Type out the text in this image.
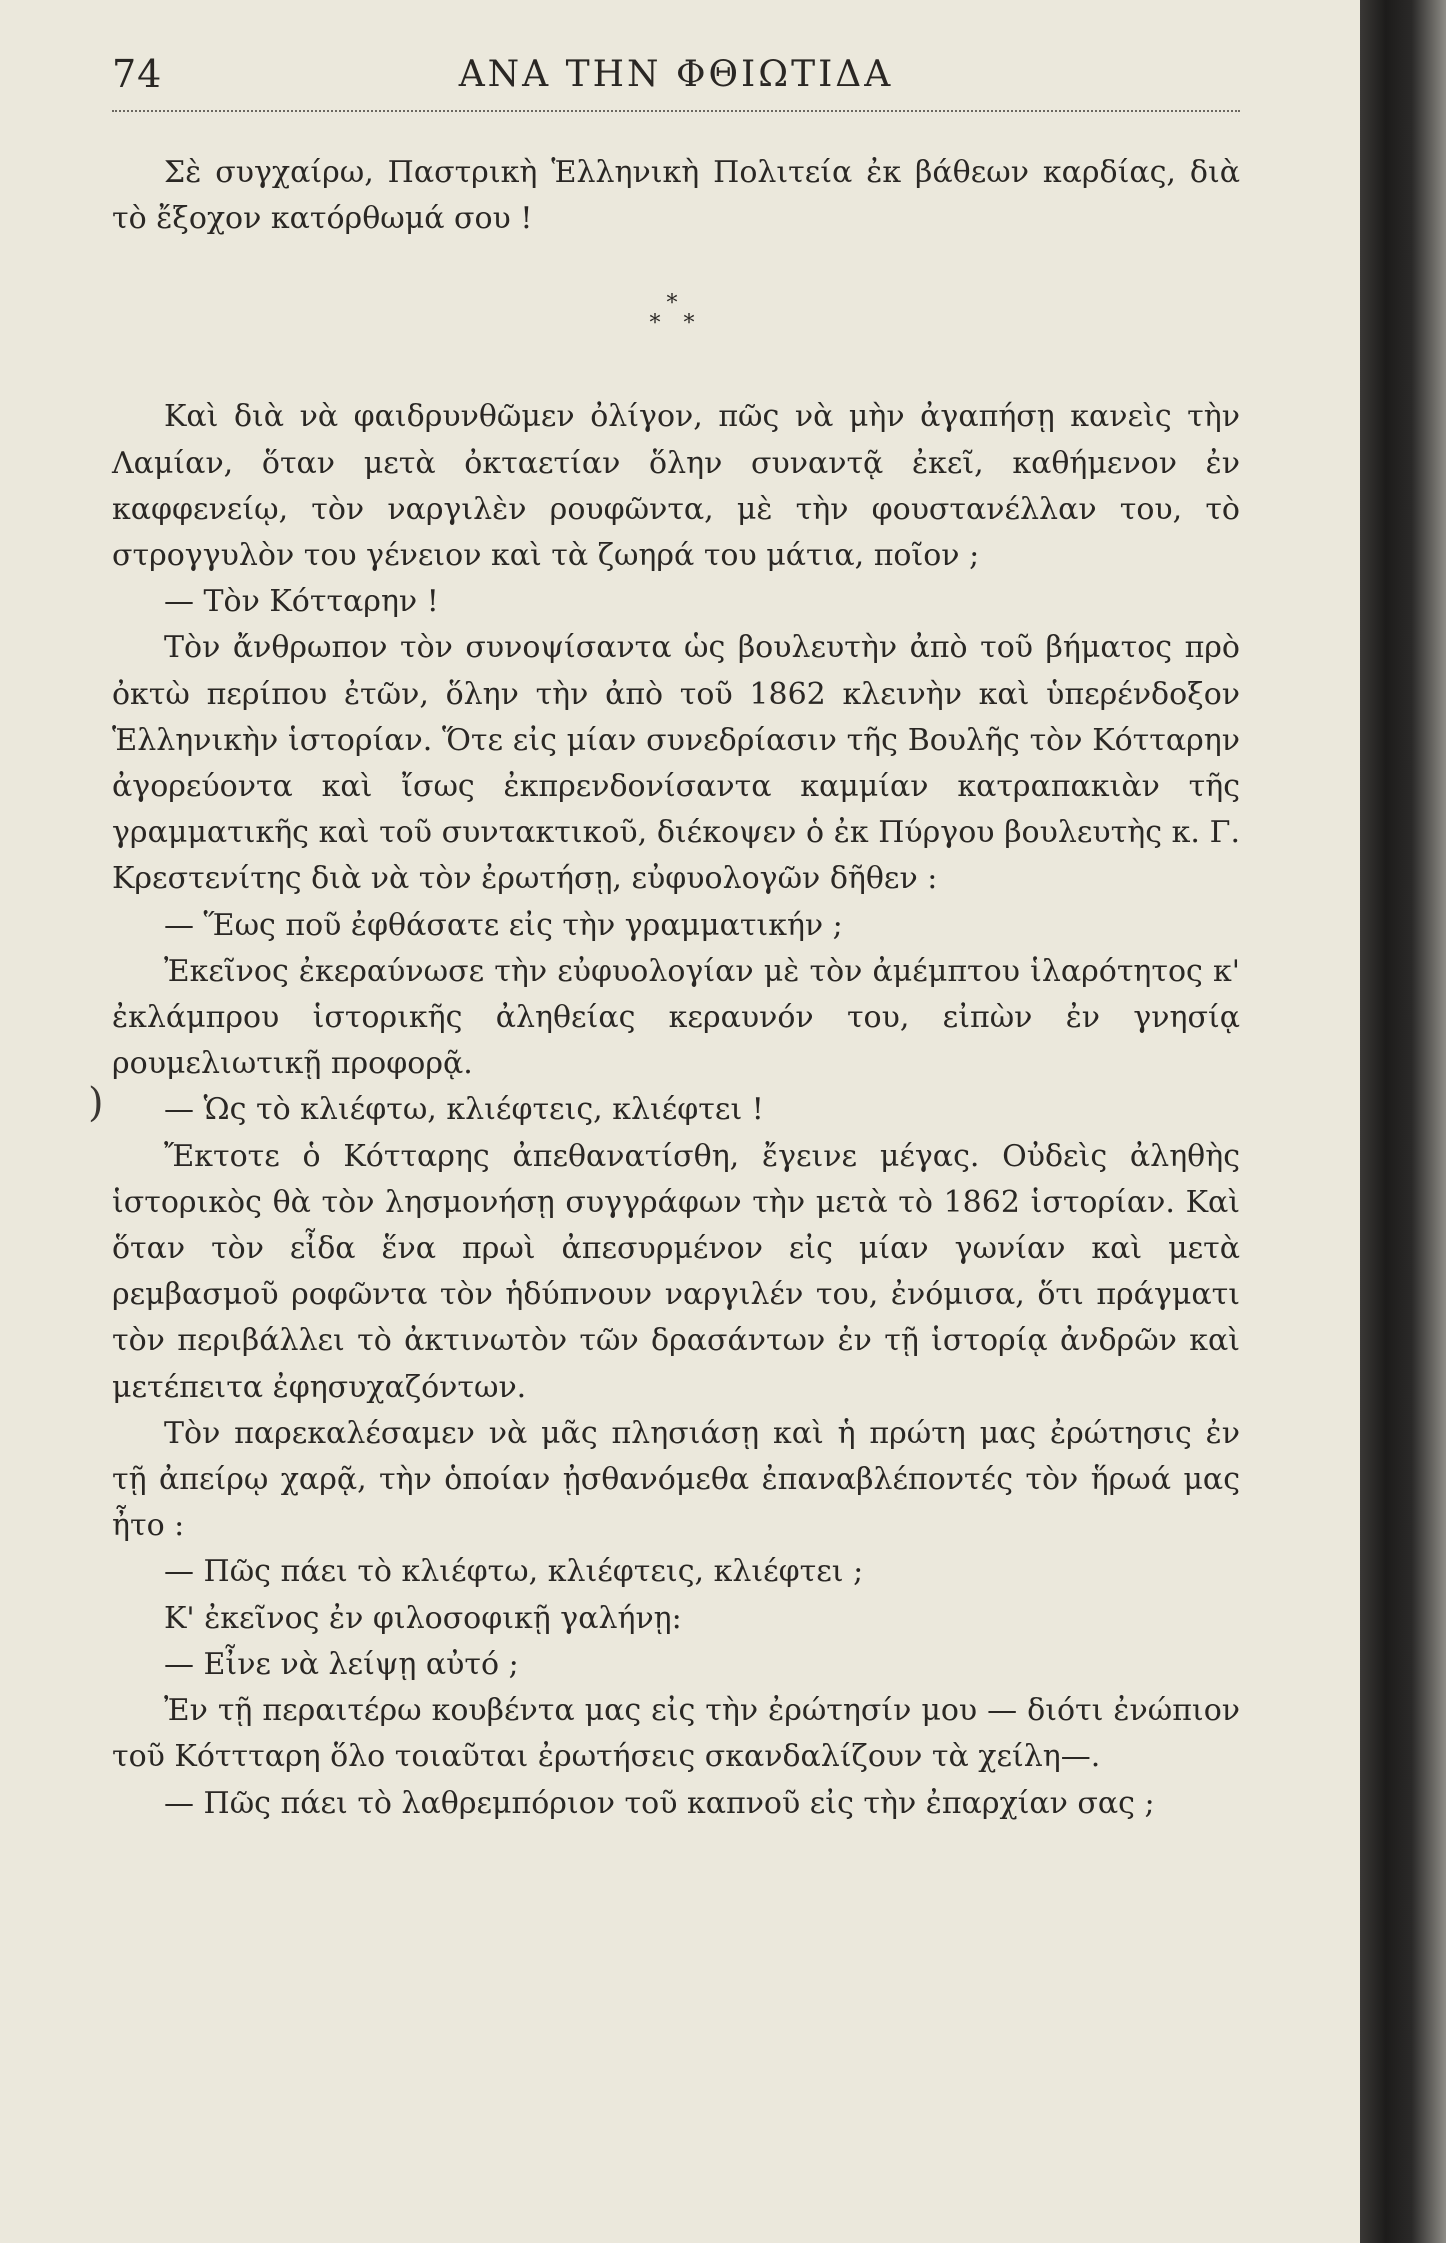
74	ΑΝΑ ΤΗΝ ΦΘΙΩΤΙΔΑ
)

Σὲ συγχαίρω, Παστρικὴ Ἑλληνικὴ Πολιτεία ἐκ βάθεων καρδίας, διὰ τὸ ἔξοχον κατόρθωμά σου !

*
* *

Καὶ διὰ νὰ φαιδρυνθῶμεν ὀλίγον, πῶς νὰ μὴν ἀγαπήσῃ κανεὶς τὴν Λαμίαν, ὅταν μετὰ ὀκταετίαν ὅλην συναντᾷ ἐκεῖ, καθήμενον ἐν καφφενείῳ, τὸν ναργιλὲν ρουφῶντα, μὲ τὴν φουστανέλλαν του, τὸ στρογγυλὸν του γένειον καὶ τὰ ζωηρά του μάτια, ποῖον ;

— Τὸν Κότταρην !

Τὸν ἄνθρωπον τὸν συνοψίσαντα ὡς βουλευτὴν ἀπὸ τοῦ βήματος πρὸ ὀκτὼ περίπου ἐτῶν, ὅλην τὴν ἀπὸ τοῦ 1862 κλεινὴν καὶ ὑπερένδοξον Ἑλληνικὴν ἱστορίαν. Ὅτε εἰς μίαν συνεδρίασιν τῆς Βουλῆς τὸν Κότταρην ἀγορεύοντα καὶ ἴσως ἐκπρενδονίσαντα καμμίαν κατραπακιὰν τῆς γραμματικῆς καὶ τοῦ συντακτικοῦ, διέκοψεν ὁ ἐκ Πύργου βουλευτὴς κ. Γ. Κρεστενίτης διὰ νὰ τὸν ἐρωτήσῃ, εὐφυολογῶν δῆθεν :

— Ἕως ποῦ ἐφθάσατε εἰς τὴν γραμματικήν ;

Ἐκεῖνος ἐκεραύνωσε τὴν εὐφυολογίαν μὲ τὸν ἀμέμπτου ἱλαρότητος κ' ἐκλάμπρου ἱστορικῆς ἀληθείας κεραυνόν του, εἰπὼν ἐν γνησίᾳ ρουμελιωτικῇ προφορᾷ.

— Ὡς τὸ κλιέφτω, κλιέφτεις, κλιέφτει !

Ἔκτοτε ὁ Κότταρης ἀπεθανατίσθη, ἔγεινε μέγας. Οὐδεὶς ἀληθὴς ἱστορικὸς θὰ τὸν λησμονήσῃ συγγράφων τὴν μετὰ τὸ 1862 ἱστορίαν. Καὶ ὅταν τὸν εἶδα ἕνα πρωὶ ἀπεσυρμένον εἰς μίαν γωνίαν καὶ μετὰ ρεμβασμοῦ ροφῶντα τὸν ἡδύπνουν ναργιλέν του, ἐνόμισα, ὅτι πράγματι τὸν περιβάλλει τὸ ἀκτινωτὸν τῶν δρασάντων ἐν τῇ ἱστορίᾳ ἀνδρῶν καὶ μετέπειτα ἐφησυχαζόντων.

Τὸν παρεκαλέσαμεν νὰ μᾶς πλησιάσῃ καὶ ἡ πρώτη μας ἐρώτησις ἐν τῇ ἀπείρῳ χαρᾷ, τὴν ὁποίαν ᾐσθανόμεθα ἐπαναβλέποντές τὸν ἥρωά μας ἦτο :

— Πῶς πάει τὸ κλιέφτω, κλιέφτεις, κλιέφτει ;

Κ' ἐκεῖνος ἐν φιλοσοφικῇ γαλήνῃ:

— Εἶνε νὰ λείψῃ αὐτό ;

Ἐν τῇ περαιτέρω κουβέντα μας εἰς τὴν ἐρώτησίν μου — διότι ἐνώπιον τοῦ Κόττταρη ὅλο τοιαῦται ἐρωτήσεις σκανδαλίζουν τὰ χείλη—.

— Πῶς πάει τὸ λαθρεμπόριον τοῦ καπνοῦ εἰς τὴν ἐπαρχίαν σας ;
